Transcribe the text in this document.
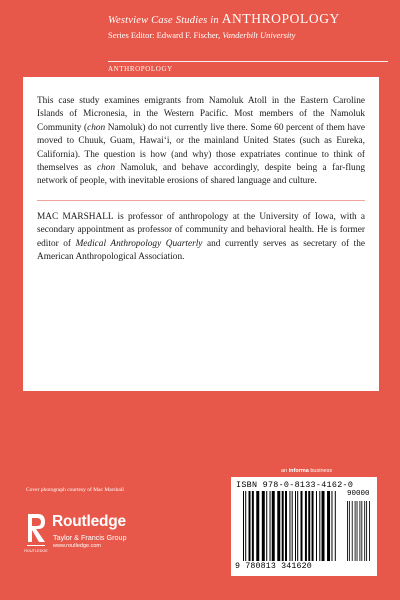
Westview Case Studies in ANTHROPOLOGY
Series Editor: Edward F. Fischer, Vanderbilt University
ANTHROPOLOGY

This case study examines emigrants from Namoluk Atoll in the Eastern Caroline Islands of Micronesia, in the Western Pacific. Most members of the Namoluk Community (chon Namoluk) do not currently live there. Some 60 percent of them have moved to Chuuk, Guam, Hawai‘i, or the mainland United States (such as Eureka, California). The question is how (and why) those expatriates continue to think of themselves as chon Namoluk, and behave accordingly, despite being a far-flung network of people, with inevitable erosions of shared language and culture.

MAC MARSHALL is professor of anthropology at the University of Iowa, with a secondary appointment as professor of community and behavioral health. He is former editor of Medical Anthropology Quarterly and currently serves as secretary of the American Anthropological Association.

Cover photograph courtesy of Mac Marshall
ROUTLEDGE
Routledge
Taylor & Francis Group
www.routledge.com
an informa business
ISBN 978-0-8133-4162-0
90000
9 780813 341620
